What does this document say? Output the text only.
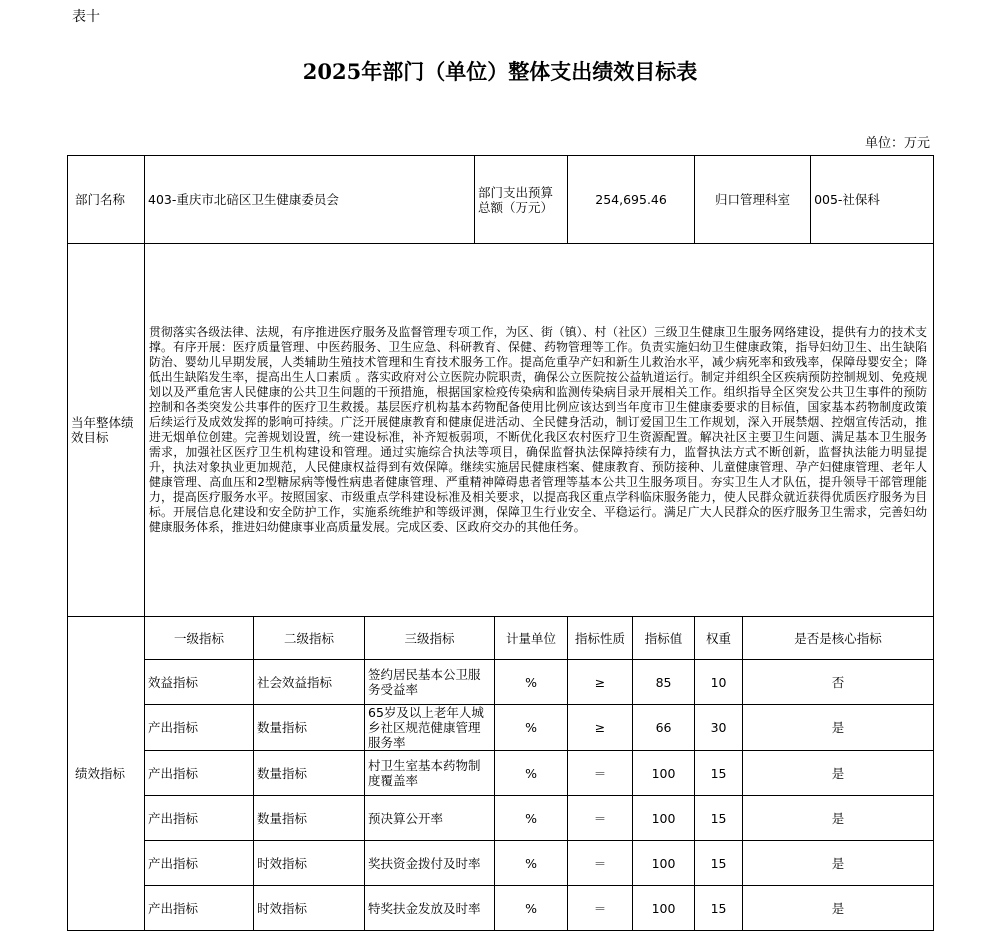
表十
2025年部门（单位）整体支出绩效目标表
单位：万元
部门名称	403-重庆市北碚区卫生健康委员会			部门支出预算总额（万元）		254,695.46		归口管理科室		005-社保科
当年整体绩效目标	贯彻落实各级法律、法规，有序推进医疗服务及监督管理专项工作，为区、街（镇）、村（社区）三级卫生健康卫生服务网络建设，提供有力的技术支撑。有序开展：医疗质量管理、中医药服务、卫生应急、科研教育、保健、药物管理等工作。负责实施妇幼卫生健康政策，指导妇幼卫生、出生缺陷防治、婴幼儿早期发展，人类辅助生殖技术管理和生育技术服务工作。提高危重孕产妇和新生儿救治水平，减少病死率和致残率，保障母婴安全；降低出生缺陷发生率，提高出生人口素质 。落实政府对公立医院办院职责，确保公立医院按公益轨道运行。制定并组织全区疾病预防控制规划、免疫规划以及严重危害人民健康的公共卫生问题的干预措施，根据国家检疫传染病和监测传染病目录开展相关工作。组织指导全区突发公共卫生事件的预防控制和各类突发公共事件的医疗卫生救援。基层医疗机构基本药物配备使用比例应该达到当年度市卫生健康委要求的目标值，国家基本药物制度政策后续运行及成效发挥的影响可持续。广泛开展健康教育和健康促进活动、全民健身活动，制订爱国卫生工作规划，深入开展禁烟、控烟宣传活动，推进无烟单位创建。完善规划设置，统一建设标准，补齐短板弱项，不断优化我区农村医疗卫生资源配置。解决社区主要卫生问题、满足基本卫生服务需求，加强社区医疗卫生机构建设和管理。通过实施综合执法等项目，确保监督执法保障持续有力，监督执法方式不断创新，监督执法能力明显提升，执法对象执业更加规范，人民健康权益得到有效保障。继续实施居民健康档案、健康教育、预防接种、儿童健康管理、孕产妇健康管理、老年人健康管理、高血压和2型糖尿病等慢性病患者健康管理、严重精神障碍患者管理等基本公共卫生服务项目。夯实卫生人才队伍，提升领导干部管理能力，提高医疗服务水平。按照国家、市级重点学科建设标准及相关要求，以提高我区重点学科临床服务能力，使人民群众就近获得优质医疗服务为目标。开展信息化建设和安全防护工作，实施系统维护和等级评测，保障卫生行业安全、平稳运行。满足广大人民群众的医疗服务卫生需求，完善妇幼健康服务体系，推进妇幼健康事业高质量发展。完成区委、区政府交办的其他任务。									
绩效指标	一级指标	二级指标	三级指标		计量单位	指标性质	指标值	权重	是否是核心指标	
	效益指标	社会效益指标	签约居民基本公卫服务受益率		%	≥	85	10	否	
	产出指标	数量指标	65岁及以上老年人城乡社区规范健康管理服务率		%	≥	66	30	是	
	产出指标	数量指标	村卫生室基本药物制度覆盖率		%	＝	100	15	是	
	产出指标	数量指标	预决算公开率		%	＝	100	15	是	
	产出指标	时效指标	奖扶资金拨付及时率		%	＝	100	15	是	
	产出指标	时效指标	特奖扶金发放及时率		%	＝	100	15	是	
